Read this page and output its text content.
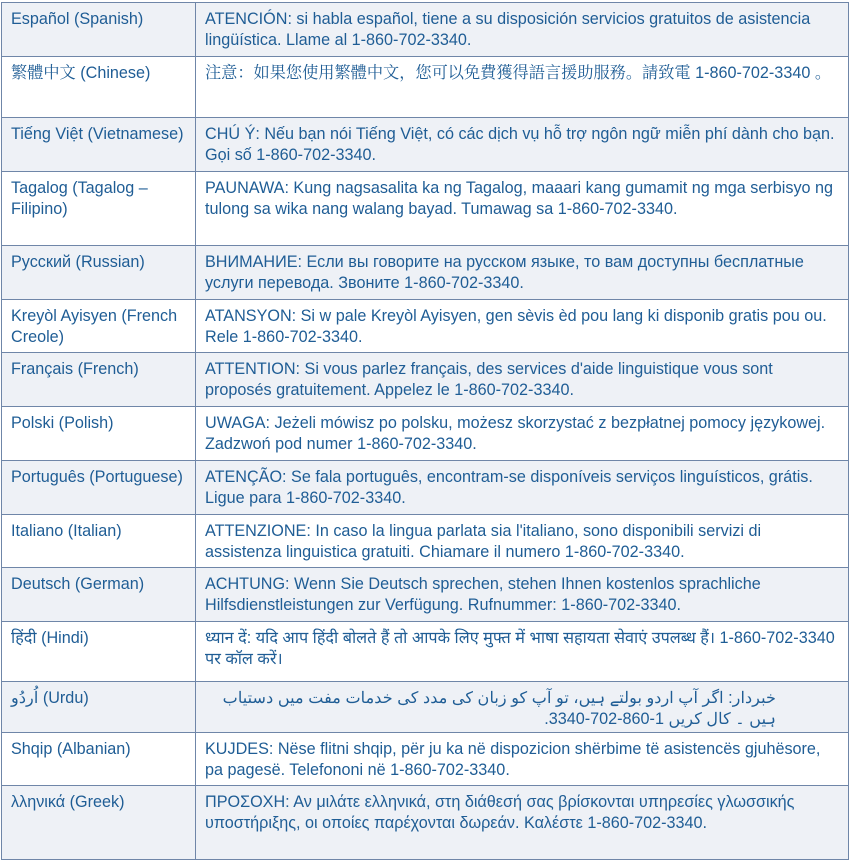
Español (Spanish)	ATENCIÓN: si habla español, tiene a su disposición servicios gratuitos de asistencia lingüística. Llame al 1-860-702-3340.
繁體中文 (Chinese)	注意：如果您使用繁體中文，您可以免費獲得語言援助服務。請致電 1-860-702-3340 。
Tiếng Việt (Vietnamese)	CHÚ Ý: Nếu bạn nói Tiếng Việt, có các dịch vụ hỗ trợ ngôn ngữ miễn phí dành cho bạn. Gọi số 1-860-702-3340.
Tagalog (Tagalog – Filipino)	PAUNAWA: Kung nagsasalita ka ng Tagalog, maaari kang gumamit ng mga serbisyo ng tulong sa wika nang walang bayad. Tumawag sa 1-860-702-3340.
Русский (Russian)	ВНИМАНИЕ: Если вы говорите на русском языке, то вам доступны бесплатные услуги перевода. Звоните 1-860-702-3340.
Kreyòl Ayisyen (French Creole)	ATANSYON: Si w pale Kreyòl Ayisyen, gen sèvis èd pou lang ki disponib gratis pou ou. Rele 1-860-702-3340.
Français (French)	ATTENTION: Si vous parlez français, des services d'aide linguistique vous sont proposés gratuitement. Appelez le 1-860-702-3340.
Polski (Polish)	UWAGA: Jeżeli mówisz po polsku, możesz skorzystać z bezpłatnej pomocy językowej. Zadzwoń pod numer 1-860-702-3340.
Português (Portuguese)	ATENÇÃO: Se fala português, encontram-se disponíveis serviços linguísticos, grátis. Ligue para 1-860-702-3340.
Italiano (Italian)	ATTENZIONE: In caso la lingua parlata sia l'italiano, sono disponibili servizi di assistenza linguistica gratuiti. Chiamare il numero 1-860-702-3340.
Deutsch (German)	ACHTUNG: Wenn Sie Deutsch sprechen, stehen Ihnen kostenlos sprachliche Hilfsdienstleistungen zur Verfügung. Rufnummer: 1-860-702-3340.
हिंदी (Hindi)	ध्यान दें: यदि आप हिंदी बोलते हैं तो आपके लिए मुफ्त में भाषा सहायता सेवाएं उपलब्ध हैं। 1-860-702-3340 पर कॉल करें।
اُردُو (Urdu)	خبردار: اگر آپ اردو بولتے ہیں، تو آپ کو زبان کی مدد کی خدمات مفت میں دستیاب ہیں ۔ کال کریں 1-860-702-3340.
Shqip (Albanian)	KUJDES: Nëse flitni shqip, për ju ka në dispozicion shërbime të asistencës gjuhësore, pa pagesë. Telefononi në 1-860-702-3340.
λληνικά (Greek)	ΠΡΟΣΟΧΗ: Αν μιλάτε ελληνικά, στη διάθεσή σας βρίσκονται υπηρεσίες γλωσσικής υποστήριξης, οι οποίες παρέχονται δωρεάν. Καλέστε 1-860-702-3340.
